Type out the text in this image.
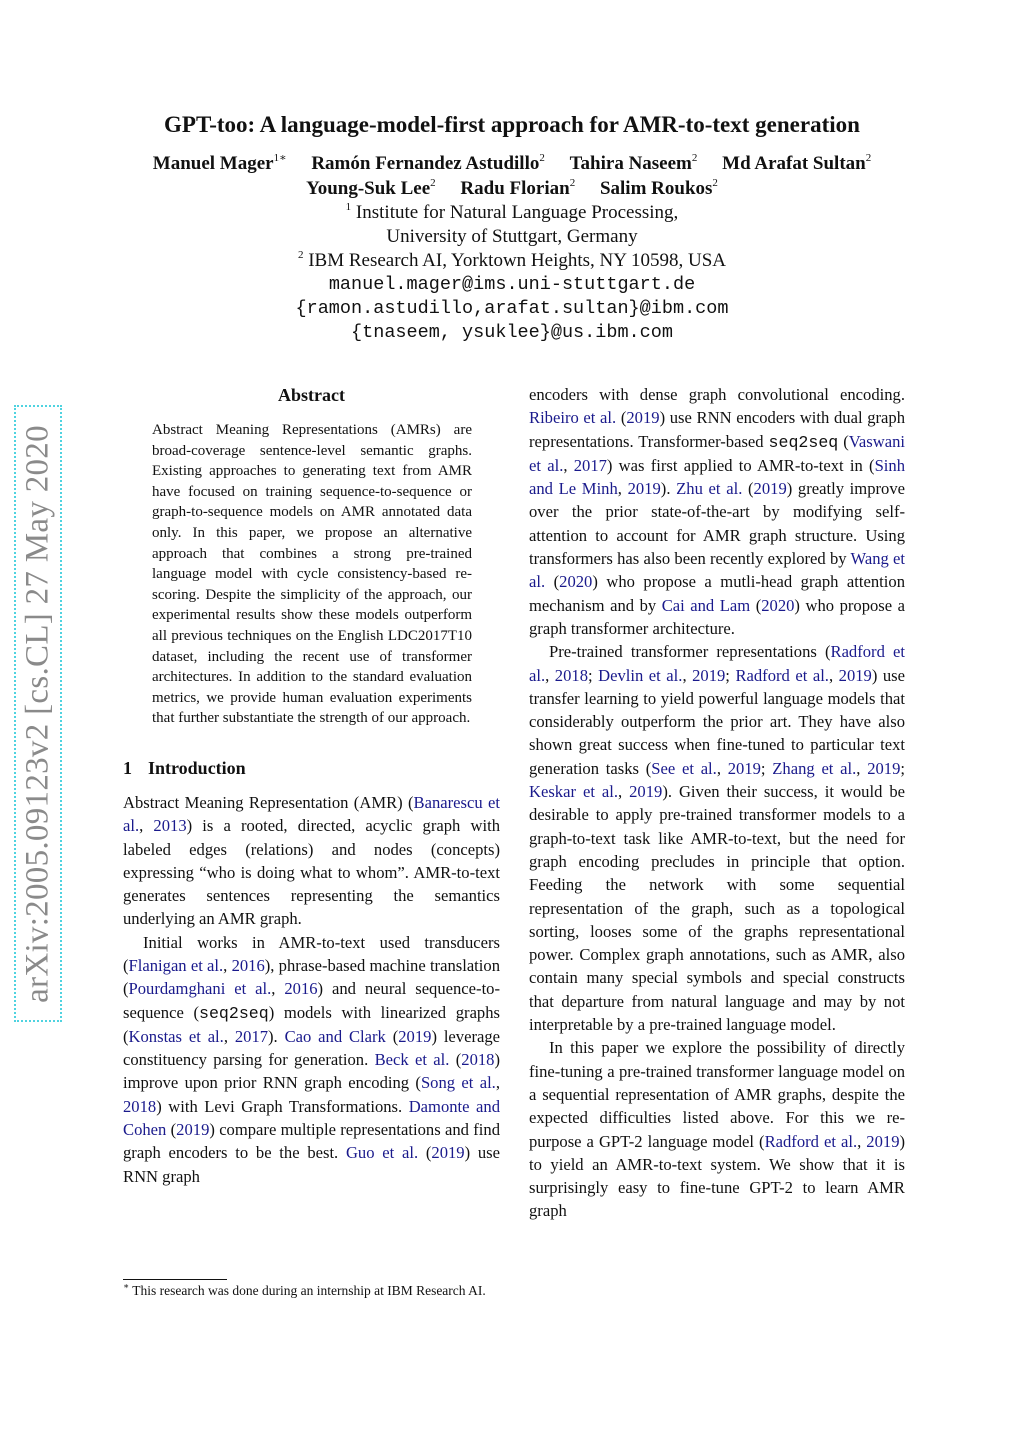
arXiv:2005.09123v2 [cs.CL] 27 May 2020
GPT-too: A language-model-first approach for AMR-to-text generation
Manuel Mager$^{1∗}$ Ramón Fernandez Astudillo$^2$ Tahira Naseem$^2$ Md Arafat Sultan$^2$
Young-Suk Lee$^2$ Radu Florian$^2$ Salim Roukos$^2$
$^1$ Institute for Natural Language Processing,
University of Stuttgart, Germany
$^2$ IBM Research AI, Yorktown Heights, NY 10598, USA
manuel.mager@ims.uni-stuttgart.de
{ramon.astudillo,arafat.sultan}@ibm.com
{tnaseem, ysuklee}@us.ibm.com
Abstract
Abstract Meaning Representations (AMRs) are broad-coverage sentence-level semantic graphs. Existing approaches to generating text from AMR have focused on training sequence-to-sequence or graph-to-sequence models on AMR annotated data only. In this paper, we propose an alternative approach that combines a strong pre-trained language model with cycle consistency-based re-scoring. Despite the simplicity of the approach, our experimental results show these models outperform all previous techniques on the English LDC2017T10 dataset, including the recent use of transformer architectures. In addition to the standard evaluation metrics, we provide human evaluation experiments that further substantiate the strength of our approach.
1 Introduction

Abstract Meaning Representation (AMR) (Banarescu et al., 2013) is a rooted, directed, acyclic graph with labeled edges (relations) and nodes (concepts) expressing “who is doing what to whom”. AMR-to-text generates sentences representing the semantics underlying an AMR graph.

Initial works in AMR-to-text used transducers (Flanigan et al., 2016), phrase-based machine translation (Pourdamghani et al., 2016) and neural sequence-to-sequence (seq2seq) models with linearized graphs (Konstas et al., 2017). Cao and Clark (2019) leverage constituency parsing for generation. Beck et al. (2018) improve upon prior RNN graph encoding (Song et al., 2018) with Levi Graph Transformations. Damonte and Cohen (2019) compare multiple representations and find graph encoders to be the best. Guo et al. (2019) use RNN graph

∗ This research was done during an internship at IBM Research AI.

encoders with dense graph convolutional encoding. Ribeiro et al. (2019) use RNN encoders with dual graph representations. Transformer-based seq2seq (Vaswani et al., 2017) was first applied to AMR-to-text in (Sinh and Le Minh, 2019). Zhu et al. (2019) greatly improve over the prior state-of-the-art by modifying self-attention to account for AMR graph structure. Using transformers has also been recently explored by Wang et al. (2020) who propose a mutli-head graph attention mechanism and by Cai and Lam (2020) who propose a graph transformer architecture.

Pre-trained transformer representations (Radford et al., 2018; Devlin et al., 2019; Radford et al., 2019) use transfer learning to yield powerful language models that considerably outperform the prior art. They have also shown great success when fine-tuned to particular text generation tasks (See et al., 2019; Zhang et al., 2019; Keskar et al., 2019). Given their success, it would be desirable to apply pre-trained transformer models to a graph-to-text task like AMR-to-text, but the need for graph encoding precludes in principle that option. Feeding the network with some sequential representation of the graph, such as a topological sorting, looses some of the graphs representational power. Complex graph annotations, such as AMR, also contain many special symbols and special constructs that departure from natural language and may by not interpretable by a pre-trained language model.

In this paper we explore the possibility of directly fine-tuning a pre-trained transformer language model on a sequential representation of AMR graphs, despite the expected difficulties listed above. For this we re-purpose a GPT-2 language model (Radford et al., 2019) to yield an AMR-to-text system. We show that it is surprisingly easy to fine-tune GPT-2 to learn AMR graph
